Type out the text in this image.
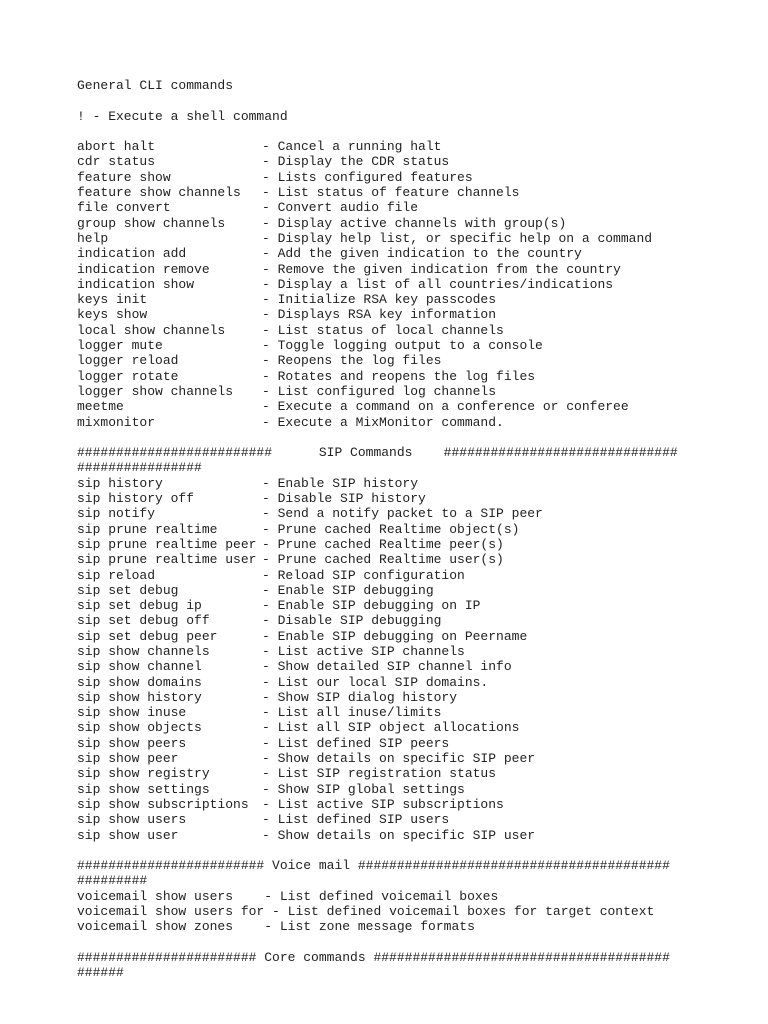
General CLI commands
! - Execute a shell command
abort halt	- Cancel a running halt
cdr status	- Display the CDR status
feature show	- Lists configured features
feature show channels	- List status of feature channels
file convert	- Convert audio file
group show channels	- Display active channels with group(s)
help	- Display help list, or specific help on a command
indication add	- Add the given indication to the country
indication remove	- Remove the given indication from the country
indication show	- Display a list of all countries/indications
keys init	- Initialize RSA key passcodes
keys show	- Displays RSA key information
local show channels	- List status of local channels
logger mute	- Toggle logging output to a console
logger reload	- Reopens the log files
logger rotate	- Rotates and reopens the log files
logger show channels	- List configured log channels
meetme	- Execute a command on a conference or conferee
mixmonitor	- Execute a MixMonitor command.
#########################      SIP Commands    ##############################
################
sip history	- Enable SIP history
sip history off	- Disable SIP history
sip notify	- Send a notify packet to a SIP peer
sip prune realtime	- Prune cached Realtime object(s)
sip prune realtime peer - Prune cached Realtime peer(s)
sip prune realtime user - Prune cached Realtime user(s)
sip reload	- Reload SIP configuration
sip set debug	- Enable SIP debugging
sip set debug ip	- Enable SIP debugging on IP
sip set debug off	- Disable SIP debugging
sip set debug peer	- Enable SIP debugging on Peername
sip show channels	- List active SIP channels
sip show channel	- Show detailed SIP channel info
sip show domains	- List our local SIP domains.
sip show history	- Show SIP dialog history
sip show inuse	- List all inuse/limits
sip show objects	- List all SIP object allocations
sip show peers	- List defined SIP peers
sip show peer	- Show details on specific SIP peer
sip show registry	- List SIP registration status
sip show settings	- Show SIP global settings
sip show subscriptions	- List active SIP subscriptions
sip show users	- List defined SIP users
sip show user	- Show details on specific SIP user
######################## Voice mail ########################################
#########
voicemail show users - List defined voicemail boxes
voicemail show users for - List defined voicemail boxes for target context
voicemail show zones - List zone message formats
####################### Core commands ######################################
######
